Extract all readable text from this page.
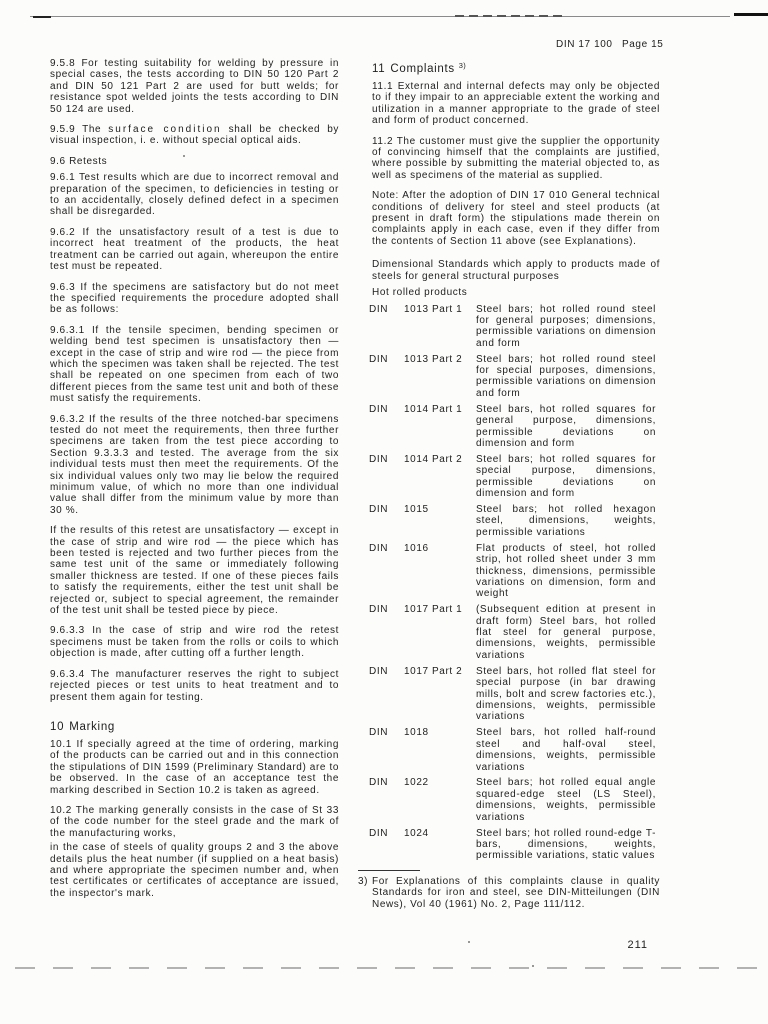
DIN 17 100 Page 15

9.5.8 For testing suitability for welding by pressure in special cases, the tests according to DIN 50 120 Part 2 and DIN 50 121 Part 2 are used for butt welds; for resistance spot welded joints the tests according to DIN 50 124 are used.

9.5.9 The surface condition shall be checked by visual inspection, i. e. without special optical aids.

9.6 Retests

9.6.1 Test results which are due to incorrect removal and preparation of the specimen, to deficiencies in testing or to an accidentally, closely defined defect in a specimen shall be disregarded.

9.6.2 If the unsatisfactory result of a test is due to incorrect heat treatment of the products, the heat treatment can be carried out again, whereupon the entire test must be repeated.

9.6.3 If the specimens are satisfactory but do not meet the specified requirements the procedure adopted shall be as follows:

9.6.3.1 If the tensile specimen, bending specimen or welding bend test specimen is unsatisfactory then — except in the case of strip and wire rod — the piece from which the specimen was taken shall be rejected. The test shall be repeated on one specimen from each of two different pieces from the same test unit and both of these must satisfy the requirements.

9.6.3.2 If the results of the three notched-bar specimens tested do not meet the requirements, then three further specimens are taken from the test piece according to Section 9.3.3.3 and tested. The average from the six individual tests must then meet the requirements. Of the six individual values only two may lie below the required minimum value, of which no more than one individual value shall differ from the minimum value by more than 30 %.

If the results of this retest are unsatisfactory — except in the case of strip and wire rod — the piece which has been tested is rejected and two further pieces from the same test unit of the same or immediately following smaller thickness are tested. If one of these pieces fails to satisfy the requirements, either the test unit shall be rejected or, subject to special agreement, the remainder of the test unit shall be tested piece by piece.

9.6.3.3 In the case of strip and wire rod the retest specimens must be taken from the rolls or coils to which objection is made, after cutting off a further length.

9.6.3.4 The manufacturer reserves the right to subject rejected pieces or test units to heat treatment and to present them again for testing.

10 Marking

10.1 If specially agreed at the time of ordering, marking of the products can be carried out and in this connection the stipulations of DIN 1599 (Preliminary Standard) are to be observed. In the case of an acceptance test the marking described in Section 10.2 is taken as agreed.

10.2 The marking generally consists in the case of St 33 of the code number for the steel grade and the mark of the manufacturing works,

in the case of steels of quality groups 2 and 3 the above details plus the heat number (if supplied on a heat basis) and where appropriate the specimen number and, when test certificates or certificates of acceptance are issued, the inspector's mark.

11 Complaints $^{3)}$

11.1 External and internal defects may only be objected to if they impair to an appreciable extent the working and utilization in a manner appropriate to the grade of steel and form of product concerned.

11.2 The customer must give the supplier the opportunity of convincing himself that the complaints are justified, where possible by submitting the material objected to, as well as specimens of the material as supplied.

Note: After the adoption of DIN 17 010 General technical conditions of delivery for steel and steel products (at present in draft form) the stipulations made therein on complaints apply in each case, even if they differ from the contents of Section 11 above (see Explanations).

Dimensional Standards which apply to products made of steels for general structural purposes

Hot rolled products

DIN	1013 Part 1	Steel bars; hot rolled round steel for general purposes; dimensions, permissible variations on dimension and form
DIN	1013 Part 2	Steel bars; hot rolled round steel for special purposes, dimensions, permissible variations on dimension and form
DIN	1014 Part 1	Steel bars, hot rolled squares for general purpose, dimensions, permissible deviations on dimension and form
DIN	1014 Part 2	Steel bars; hot rolled squares for special purpose, dimensions, permissible deviations on dimension and form
DIN	1015	Steel bars; hot rolled hexagon steel, dimensions, weights, permissible variations
DIN	1016	Flat products of steel, hot rolled strip, hot rolled sheet under 3 mm thickness, dimensions, permissible variations on dimension, form and weight
DIN	1017 Part 1	(Subsequent edition at present in draft form) Steel bars, hot rolled flat steel for general purpose, dimensions, weights, permissible variations
DIN	1017 Part 2	Steel bars, hot rolled flat steel for special purpose (in bar drawing mills, bolt and screw factories etc.), dimensions, weights, permissible variations
DIN	1018	Steel bars, hot rolled half-round steel and half-oval steel, dimensions, weights, permissible variations
DIN	1022	Steel bars; hot rolled equal angle squared-edge steel (LS Steel), dimensions, weights, permissible variations
DIN	1024	Steel bars; hot rolled round-edge T-bars, dimensions, weights, permissible variations, static values

3) For Explanations of this complaints clause in quality Standards for iron and steel, see DIN-Mitteilungen (DIN News), Vol 40 (1961) No. 2, Page 111/112.

211
